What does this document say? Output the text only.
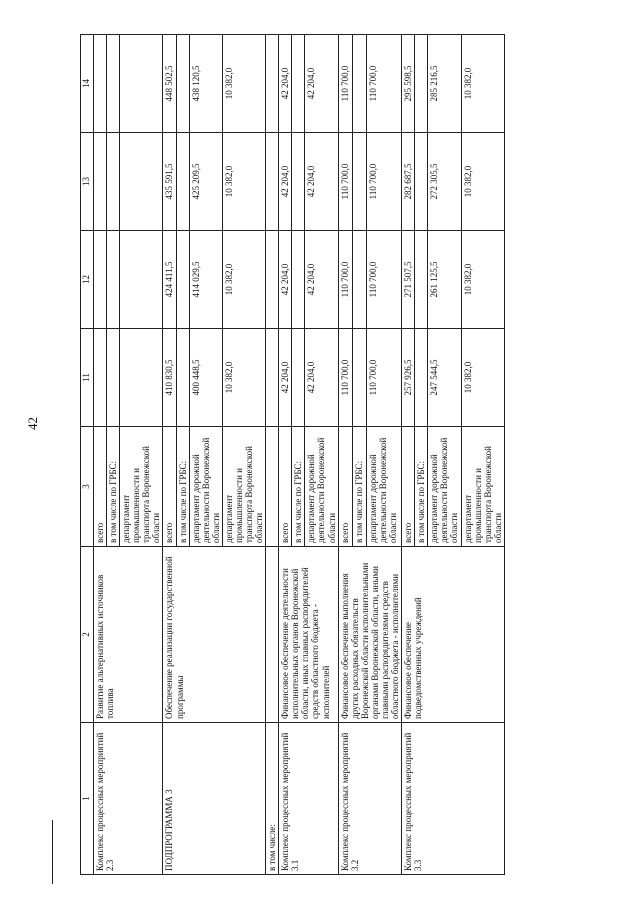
42
1	2	3	11	12	13	14
Комплекс процессных мероприятий 2.3	Развитие альтернативных источников топлива	всего				
		в том числе по ГРБС:				
		департамент промышленности и транспорта Воронежской области				
ПОДПРОГРАММА 3	Обеспечение реализации государственной программы	всего	410 830,5	424 411,5	435 591,5	448 502,5
		в том числе по ГРБС:				
		департамент дорожной деятельности Воронежской области	400 448,5	414 029,5	425 209,5	438 120,5
		департамент промышленности и транспорта Воронежской области	10 382,0	10 382,0	10 382,0	10 382,0
в том числе:						
Комплекс процессных мероприятий 3.1	Финансовое обеспечение деятельности исполнительных органов Воронежской области, иных главных распорядителей средств областного бюджета - исполнителей	всего	42 204,0	42 204,0	42 204,0	42 204,0
		в том числе по ГРБС:				
		департамент дорожной деятельности Воронежской области	42 204,0	42 204,0	42 204,0	42 204,0
Комплекс процессных мероприятий 3.2	Финансовое обеспечение выполнения других расходных обязательств Воронежской области исполнительными органами Воронежской области, иными главными распорядителями средств областного бюджета - исполнителями	всего	110 700,0	110 700,0	110 700,0	110 700,0
		в том числе по ГРБС:				
		департамент дорожной деятельности Воронежской области	110 700,0	110 700,0	110 700,0	110 700,0
Комплекс процессных мероприятий 3.3	Финансовое обеспечение подведомственных учреждений	всего	257 926,5	271 507,5	282 687,5	295 598,5
		в том числе по ГРБС:				
		департамент дорожной деятельности Воронежской области	247 544,5	261 125,5	272 305,5	285 216,5
		департамент промышленности и транспорта Воронежской области	10 382,0	10 382,0	10 382,0	10 382,0
